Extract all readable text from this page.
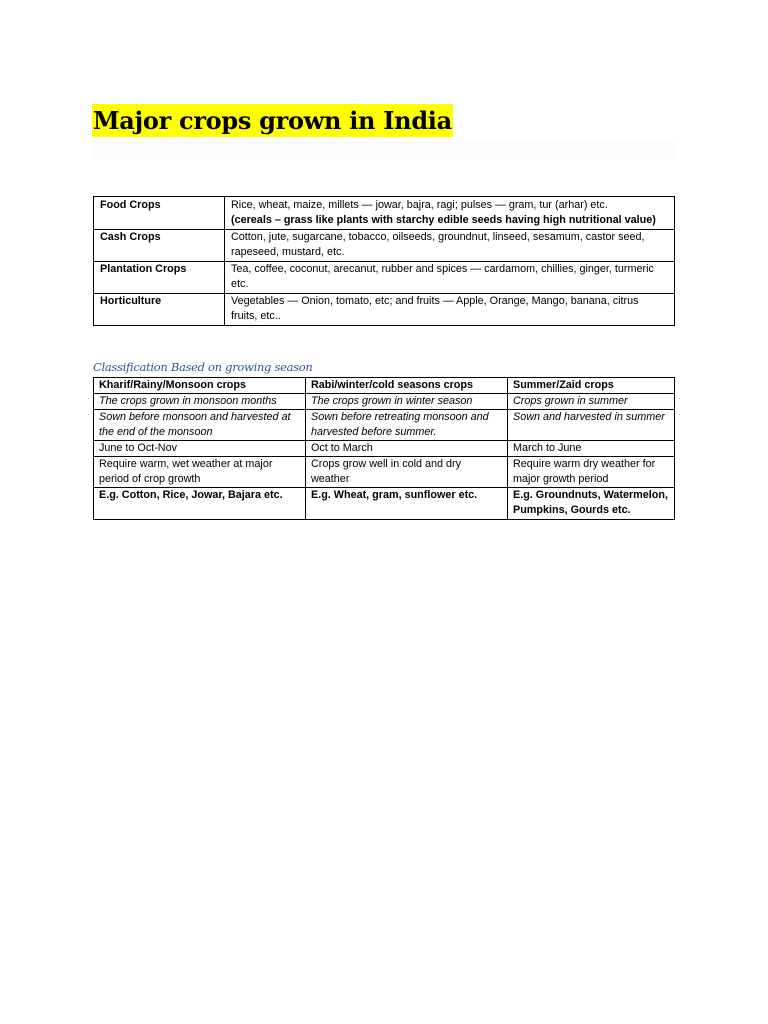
Major crops grown in India
Food Crops	Rice, wheat, maize, millets — jowar, bajra, ragi; pulses — gram, tur (arhar) etc.
(cereals – grass like plants with starchy edible seeds having high nutritional value)
Cash Crops	Cotton, jute, sugarcane, tobacco, oilseeds, groundnut, linseed, sesamum, castor seed, rapeseed, mustard, etc.
Plantation Crops	Tea, coffee, coconut, arecanut, rubber and spices — cardamom, chillies, ginger, turmeric etc.
Horticulture	Vegetables — Onion, tomato, etc; and fruits — Apple, Orange, Mango, banana, citrus fruits, etc..

Classification Based on growing season

Kharif/Rainy/Monsoon crops	Rabi/winter/cold seasons crops	Summer/Zaid crops
The crops grown in monsoon months	The crops grown in winter season	Crops grown in summer
Sown before monsoon and harvested at the end of the monsoon	Sown before retreating monsoon and harvested before summer.	Sown and harvested in summer
June to Oct-Nov	Oct to March	March to June
Require warm, wet weather at major period of crop growth	Crops grow well in cold and dry weather	Require warm dry weather for major growth period
E.g. Cotton, Rice, Jowar, Bajara etc.	E.g. Wheat, gram, sunflower etc.	E.g. Groundnuts, Watermelon, Pumpkins, Gourds etc.
